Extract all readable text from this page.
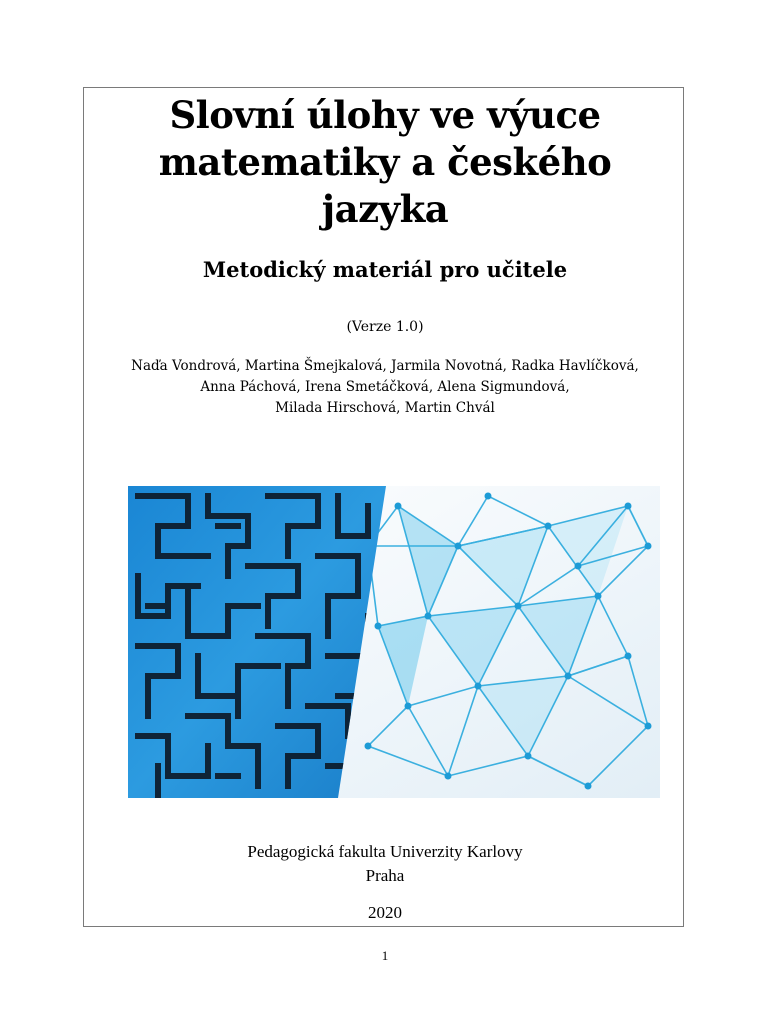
Slovní úlohy ve výuce
matematiky a českého
jazyka
Metodický materiál pro učitele
(Verze 1.0)
Naďa Vondrová, Martina Šmejkalová, Jarmila Novotná, Radka Havlíčková,
Anna Páchová, Irena Smetáčková, Alena Sigmundová,
Milada Hirschová, Martin Chvál
Pedagogická fakulta Univerzity Karlovy
Praha
2020
1
